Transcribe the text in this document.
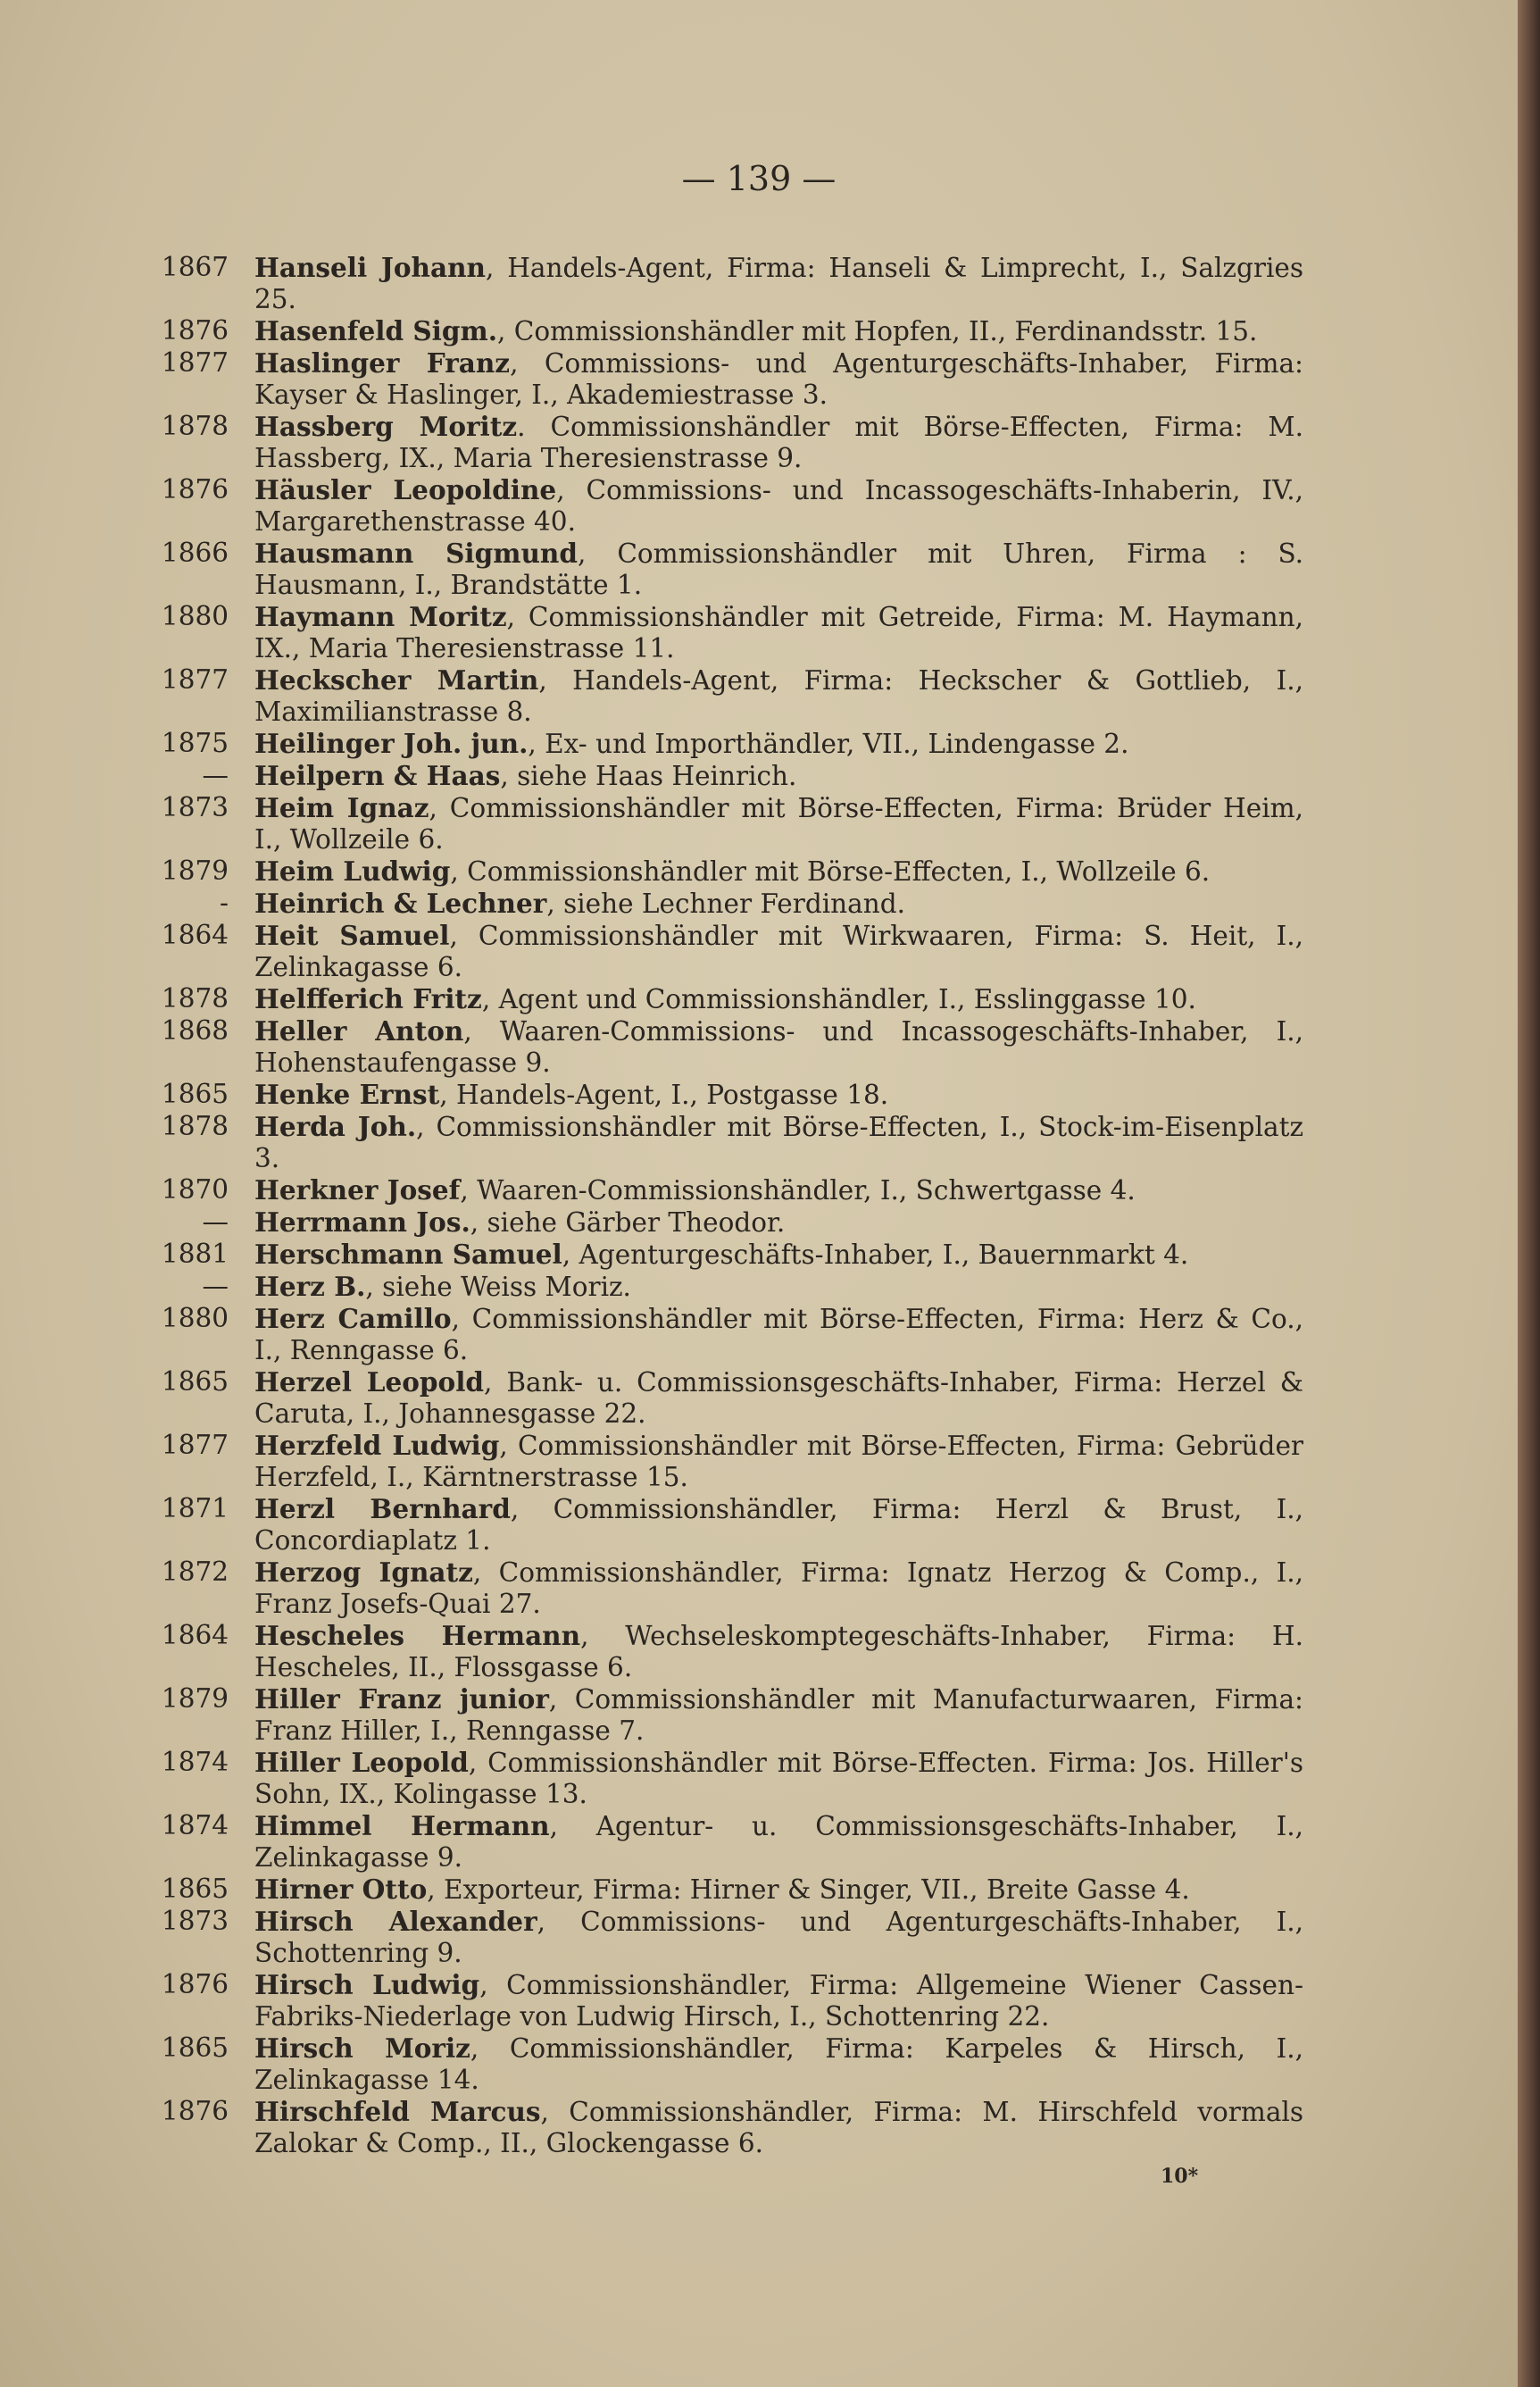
— 139 —
1867 Hanseli Johann, Handels-Agent, Firma: Hanseli & Limprecht, I., Salzgries 25.
1876 Hasenfeld Sigm., Commissionshändler mit Hopfen, II., Ferdinandsstr. 15.
1877 Haslinger Franz, Commissions- und Agenturgeschäfts-Inhaber, Firma: Kayser & Haslinger, I., Akademiestrasse 3.
1878 Hassberg Moritz. Commissionshändler mit Börse-Effecten, Firma: M. Hassberg, IX., Maria Theresienstrasse 9.
1876 Häusler Leopoldine, Commissions- und Incassogeschäfts-Inhaberin, IV., Margarethenstrasse 40.
1866 Hausmann Sigmund, Commissionshändler mit Uhren, Firma : S. Hausmann, I., Brandstätte 1.
1880 Haymann Moritz, Commissionshändler mit Getreide, Firma: M. Haymann, IX., Maria Theresienstrasse 11.
1877 Heckscher Martin, Handels-Agent, Firma: Heckscher & Gottlieb, I., Maximilianstrasse 8.
1875 Heilinger Joh. jun., Ex- und Importhändler, VII., Lindengasse 2.
— Heilpern & Haas, siehe Haas Heinrich.
1873 Heim Ignaz, Commissionshändler mit Börse-Effecten, Firma: Brüder Heim, I., Wollzeile 6.
1879 Heim Ludwig, Commissionshändler mit Börse-Effecten, I., Wollzeile 6.
- Heinrich & Lechner, siehe Lechner Ferdinand.
1864 Heit Samuel, Commissionshändler mit Wirkwaaren, Firma: S. Heit, I., Zelinkagasse 6.
1878 Helfferich Fritz, Agent und Commissionshändler, I., Esslinggasse 10.
1868 Heller Anton, Waaren-Commissions- und Incassogeschäfts-Inhaber, I., Hohenstaufengasse 9.
1865 Henke Ernst, Handels-Agent, I., Postgasse 18.
1878 Herda Joh., Commissionshändler mit Börse-Effecten, I., Stock-im-Eisenplatz 3.
1870 Herkner Josef, Waaren-Commissionshändler, I., Schwertgasse 4.
— Herrmann Jos., siehe Gärber Theodor.
1881 Herschmann Samuel, Agenturgeschäfts-Inhaber, I., Bauernmarkt 4.
— Herz B., siehe Weiss Moriz.
1880 Herz Camillo, Commissionshändler mit Börse-Effecten, Firma: Herz & Co., I., Renngasse 6.
1865 Herzel Leopold, Bank- u. Commissionsgeschäfts-Inhaber, Firma: Herzel & Caruta, I., Johannesgasse 22.
1877 Herzfeld Ludwig, Commissionshändler mit Börse-Effecten, Firma: Gebrüder Herzfeld, I., Kärntnerstrasse 15.
1871 Herzl Bernhard, Commissionshändler, Firma: Herzl & Brust, I., Concordiaplatz 1.
1872 Herzog Ignatz, Commissionshändler, Firma: Ignatz Herzog & Comp., I., Franz Josefs-Quai 27.
1864 Hescheles Hermann, Wechseleskomptegeschäfts-Inhaber, Firma: H. Hescheles, II., Flossgasse 6.
1879 Hiller Franz junior, Commissionshändler mit Manufacturwaaren, Firma: Franz Hiller, I., Renngasse 7.
1874 Hiller Leopold, Commissionshändler mit Börse-Effecten. Firma: Jos. Hiller's Sohn, IX., Kolingasse 13.
1874 Himmel Hermann, Agentur- u. Commissionsgeschäfts-Inhaber, I., Zelinkagasse 9.
1865 Hirner Otto, Exporteur, Firma: Hirner & Singer, VII., Breite Gasse 4.
1873 Hirsch Alexander, Commissions- und Agenturgeschäfts-Inhaber, I., Schottenring 9.
1876 Hirsch Ludwig, Commissionshändler, Firma: Allgemeine Wiener Cassen-Fabriks-Niederlage von Ludwig Hirsch, I., Schottenring 22.
1865 Hirsch Moriz, Commissionshändler, Firma: Karpeles & Hirsch, I., Zelinkagasse 14.
1876 Hirschfeld Marcus, Commissionshändler, Firma: M. Hirschfeld vormals Zalokar & Comp., II., Glockengasse 6.
10*
